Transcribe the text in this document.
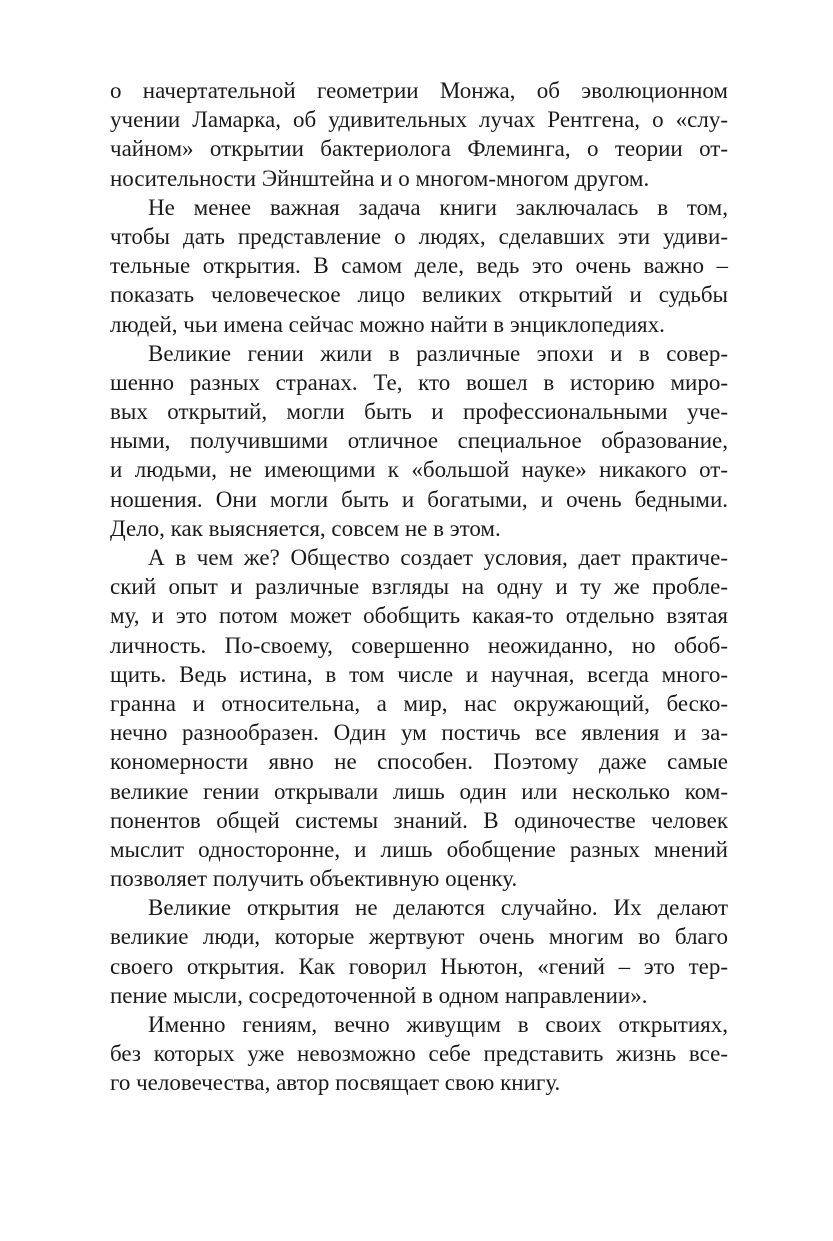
о начертательной геометрии Монжа, об эволюционном
учении Ламарка, об удивительных лучах Рентгена, о «слу-
чайном» открытии бактериолога Флеминга, о теории от-
носительности Эйнштейна и о многом-многом другом.
Не менее важная задача книги заключалась в том,
чтобы дать представление о людях, сделавших эти удиви-
тельные открытия. В самом деле, ведь это очень важно –
показать человеческое лицо великих открытий и судьбы
людей, чьи имена сейчас можно найти в энциклопедиях.
Великие гении жили в различные эпохи и в совер-
шенно разных странах. Те, кто вошел в историю миро-
вых открытий, могли быть и профессиональными уче-
ными, получившими отличное специальное образование,
и людьми, не имеющими к «большой науке» никакого от-
ношения. Они могли быть и богатыми, и очень бедными.
Дело, как выясняется, совсем не в этом.
А в чем же? Общество создает условия, дает практиче-
ский опыт и различные взгляды на одну и ту же пробле-
му, и это потом может обобщить какая-то отдельно взятая
личность. По-своему, совершенно неожиданно, но обоб-
щить. Ведь истина, в том числе и научная, всегда много-
гранна и относительна, а мир, нас окружающий, беско-
нечно разнообразен. Один ум постичь все явления и за-
кономерности явно не способен. Поэтому даже самые
великие гении открывали лишь один или несколько ком-
понентов общей системы знаний. В одиночестве человек
мыслит односторонне, и лишь обобщение разных мнений
позволяет получить объективную оценку.
Великие открытия не делаются случайно. Их делают
великие люди, которые жертвуют очень многим во благо
своего открытия. Как говорил Ньютон, «гений – это тер-
пение мысли, сосредоточенной в одном направлении».
Именно гениям, вечно живущим в своих открытиях,
без которых уже невозможно себе представить жизнь все-
го человечества, автор посвящает свою книгу.
